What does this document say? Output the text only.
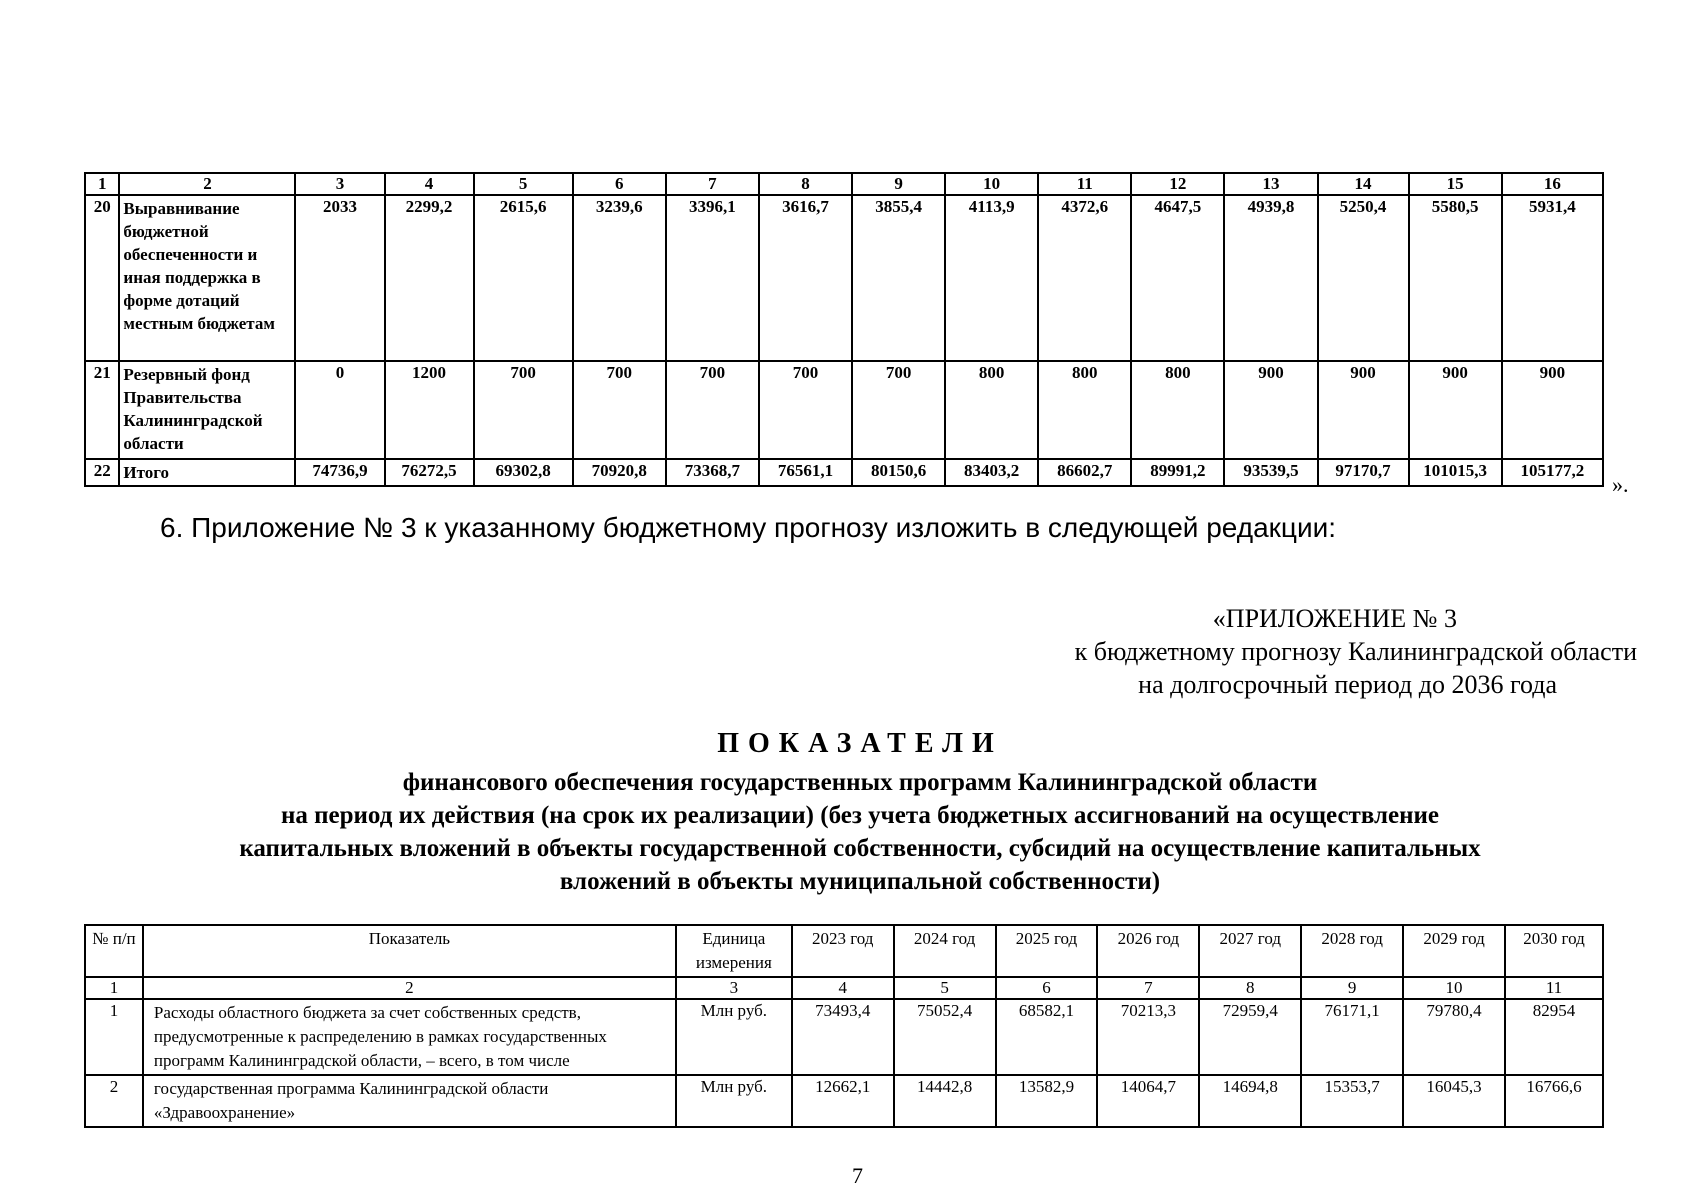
1	2	3	4	5	6	7	8	9	10	11	12	13	14	15	16
20	Выравнивание бюджетной обеспеченности и иная поддержка в форме дотаций местным бюджетам	2033	2299,2	2615,6	3239,6	3396,1	3616,7	3855,4	4113,9	4372,6	4647,5	4939,8	5250,4	5580,5	5931,4
21	Резервный фонд Правительства Калининградской области	0	1200	700	700	700	700	700	800	800	800	900	900	900	900
22	Итого	74736,9	76272,5	69302,8	70920,8	73368,7	76561,1	80150,6	83403,2	86602,7	89991,2	93539,5	97170,7	101015,3	105177,2
».
6. Приложение № 3 к указанному бюджетному прогнозу изложить в следующей редакции:
«ПРИЛОЖЕНИЕ № 3
к бюджетному прогнозу Калининградской области
на долгосрочный период до 2036 года
ПОКАЗАТЕЛИ
финансового обеспечения государственных программ Калининградской области
на период их действия (на срок их реализации) (без учета бюджетных ассигнований на осуществление
капитальных вложений в объекты государственной собственности, субсидий на осуществление капитальных
вложений в объекты муниципальной собственности)
№ п/п	Показатель	Единица измерения	2023 год	2024 год	2025 год	2026 год	2027 год	2028 год	2029 год	2030 год
1	2	3	4	5	6	7	8	9	10	11
1	Расходы областного бюджета за счет собственных средств, предусмотренные к распределению в рамках государственных программ Калининградской области, – всего, в том числе	Млн руб.	73493,4	75052,4	68582,1	70213,3	72959,4	76171,1	79780,4	82954
2	государственная программа Калининградской области «Здравоохранение»	Млн руб.	12662,1	14442,8	13582,9	14064,7	14694,8	15353,7	16045,3	16766,6
7
